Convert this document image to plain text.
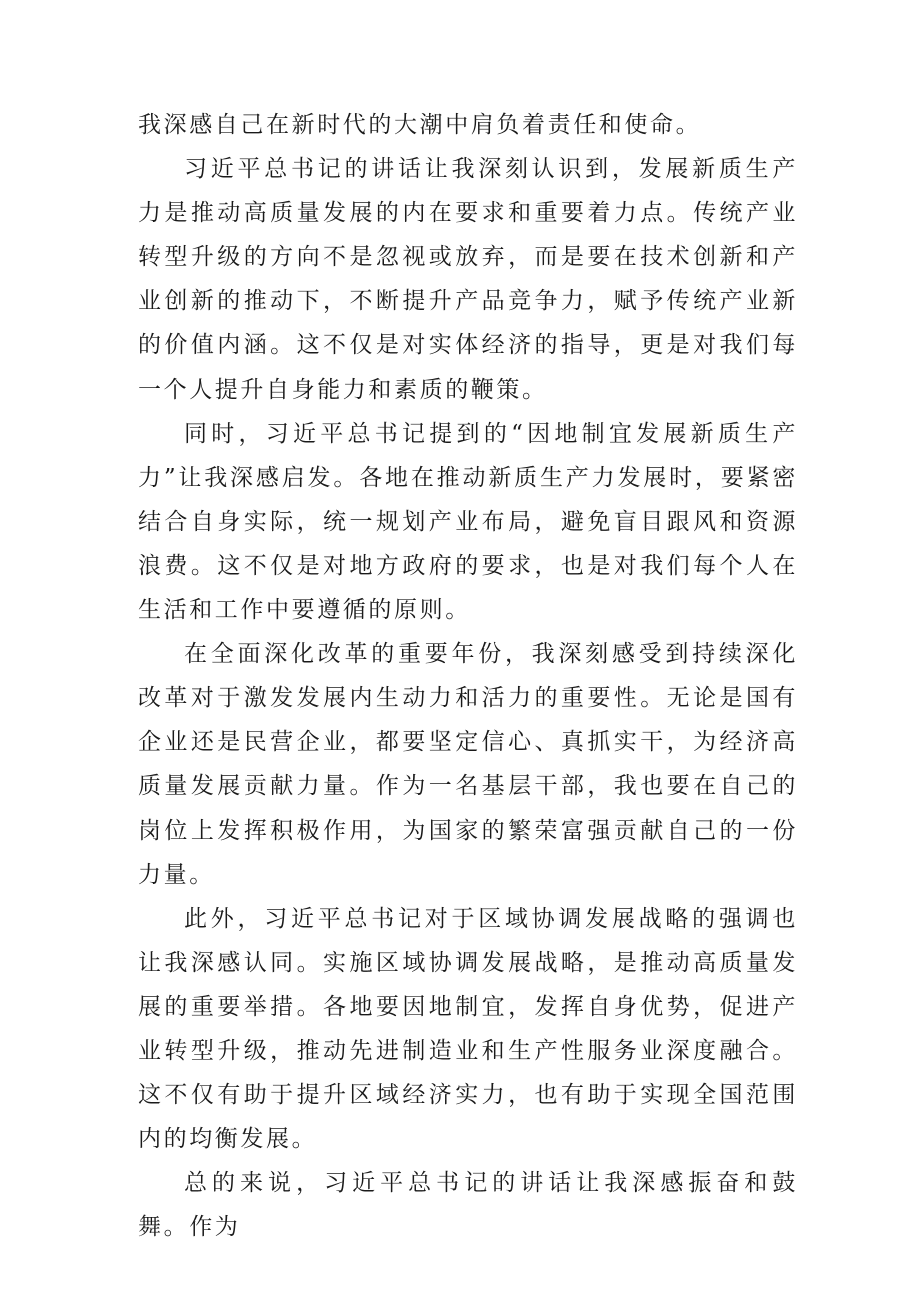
我深感自己在新时代的大潮中肩负着责任和使命。

习近平总书记的讲话让我深刻认识到，发展新质生产力是推动高质量发展的内在要求和重要着力点。传统产业转型升级的方向不是忽视或放弃，而是要在技术创新和产业创新的推动下，不断提升产品竞争力，赋予传统产业新的价值内涵。这不仅是对实体经济的指导，更是对我们每一个人提升自身能力和素质的鞭策。

同时，习近平总书记提到的“因地制宜发展新质生产力”让我深感启发。各地在推动新质生产力发展时，要紧密结合自身实际，统一规划产业布局，避免盲目跟风和资源浪费。这不仅是对地方政府的要求，也是对我们每个人在生活和工作中要遵循的原则。

在全面深化改革的重要年份，我深刻感受到持续深化改革对于激发发展内生动力和活力的重要性。无论是国有企业还是民营企业，都要坚定信心、真抓实干，为经济高质量发展贡献力量。作为一名基层干部，我也要在自己的岗位上发挥积极作用，为国家的繁荣富强贡献自己的一份力量。

此外，习近平总书记对于区域协调发展战略的强调也让我深感认同。实施区域协调发展战略，是推动高质量发展的重要举措。各地要因地制宜，发挥自身优势，促进产业转型升级，推动先进制造业和生产性服务业深度融合。这不仅有助于提升区域经济实力，也有助于实现全国范围内的均衡发展。

总的来说，习近平总书记的讲话让我深感振奋和鼓舞。作为
